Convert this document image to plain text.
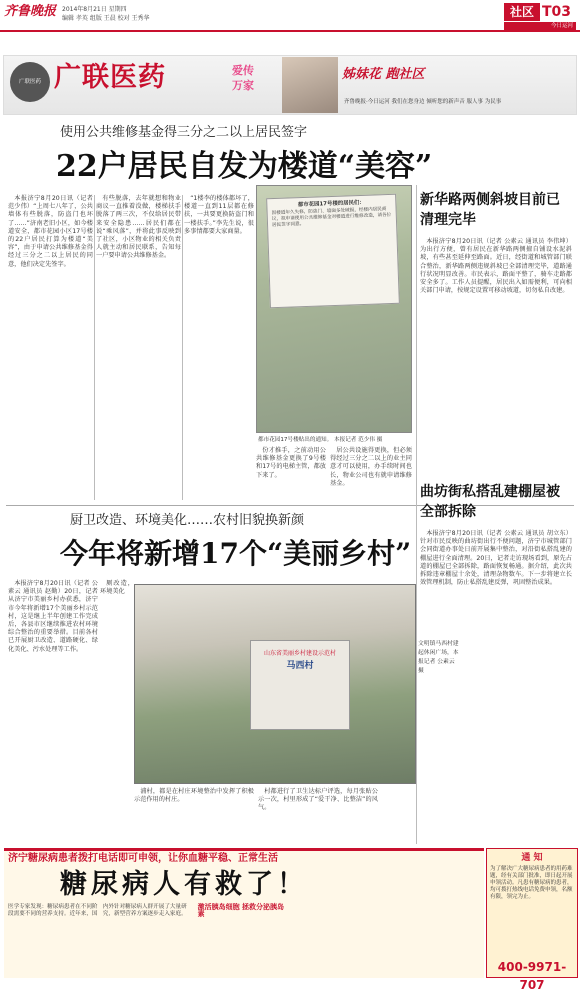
齐鲁晚报 2014年8月21日 星期四
编辑 孝英 组版 王晨 校对 王秀华	社区 T03
今日运河
广联医药 广联医药	爱传
万家
姊妹花 跑社区
齐鲁晚报·今日运河 我们在您身边 倾听您的新声音 服人事 为民事
使用公共维修基金得三分之二以上居民签字
22户居民自发为楼道“美容”

本报济宁8月20日讯（记者 范少伟）“上周七八年了，公共墙体有些脱落，防盗门也坏了……”济南老旧小区，如今楼道安全，都市花园小区17号楼的22户居民打算为楼道“美容”，由于申请公共维修基金得经过三分之二以上居民的同意，他们决定先签字。

有些脱落，去年就想和物业商议一直推着没做，楼梯扶手脱落了两三次，不仅给居民带来安全隐患……居民们都在说“乘风落”，并将此事反映到了社区，小区物业的相关负责人就主动和居民联系，告知每一户要申请公共维修基金。

“1楼李的楼体都坏了，楼道一直到11层都在修扶，一共要更换防盗门和一楼扶手。”李先生说，很多事情都要大家商量。

都市花园17号楼的居民们：
因楼道年久失修，防盗门、墙面多处破损，经楼内居民商议，拟申请使用公共维修基金对楼道进行维修改造，请各位居民签字同意。
都市花园17号楼贴出的通知。 本报记者 范少伟 摄

份才推手，之前动用公共维修基金更换了9号楼和17号的电梯主管，都放下来了。

居公共设施得更换，但必须得经过三分之二以上的业主同意才可以使用，办手续时间也长，物业公司也有就申请维修基金。

新华路两侧斜坡目前已清理完毕

本报济宁8月20日讯（记者 公素云 通讯员 李伟坤）为出行方便，曾有居民在新华路两侧擅自铺设水泥斜坡，有些甚至延伸至路面。近日，经街道和城管部门联合整治，新华路两侧违规斜坡已全部清理完毕，道路通行状况明显改善。市民表示，路面平整了，骑车走路都安全多了。工作人员提醒，居民出入如需便利，可向相关部门申请，按规定设置可移动坡道，切勿私自改建。

厨卫改造、环境美化……农村旧貌换新颜
今年将新增17个“美丽乡村”

本报济宁8月20日讯（记者 公素云 通讯员 赵勤）20日，记者从济宁市美丽乡村办获悉，济宁市今年将新增17个美丽乡村示范村，这是继上半年创建工作完成后，各县市区继续推进农村环境综合整治的重要举措。目前各村已开展厨卫改造、道路硬化、绿化美化、污水处理等工作。

厕改造，环境美化

山东省美丽乡村建设示范村
马西村
文明镇马西村建起休闲广场，本报记者 公素云 摄

浦村，都是在村庄环境整治中发挥了积极示范作用的村庄。

村都进行了卫生达标户评选，每月张贴公示一次，村里形成了“爱干净、比整洁”的风气。

曲坊街私搭乱建棚屋被全部拆除

本报济宁8月20日讯（记者 公素云 通讯员 胡立东）针对市民反映的曲坊街出行不便问题，济宁市城管部门会同街道办事处日前开展集中整治，对沿街私搭乱建的棚屋进行全面清理。20日，记者走访现场看到，原先占道的棚屋已全部拆除，路面恢复畅通。据介绍，此次共拆除违章棚屋十余处，清理杂物数车。下一步将建立长效管理机制，防止私搭乱建反弹，巩固整治成果。

济宁糖尿病患者拨打电话即可申领，让你血糖平稳、正常生活
糖尿病人有救了！
医学专家发现：糖尿病患者在不同阶段需要不同的营养支持。近年来，国内外针对糖尿病人群开展了大量研究，新型营养方案逐步走入家庭。
激活胰岛细胞 拯救分泌胰岛素
通 知
为了解决广大糖尿病患者的用药难题，经有关部门批准，即日起开展申领活动。凡患有糖尿病的患者，均可拨打热线电话免费申领，名额有限，领完为止。
400-9971-707
